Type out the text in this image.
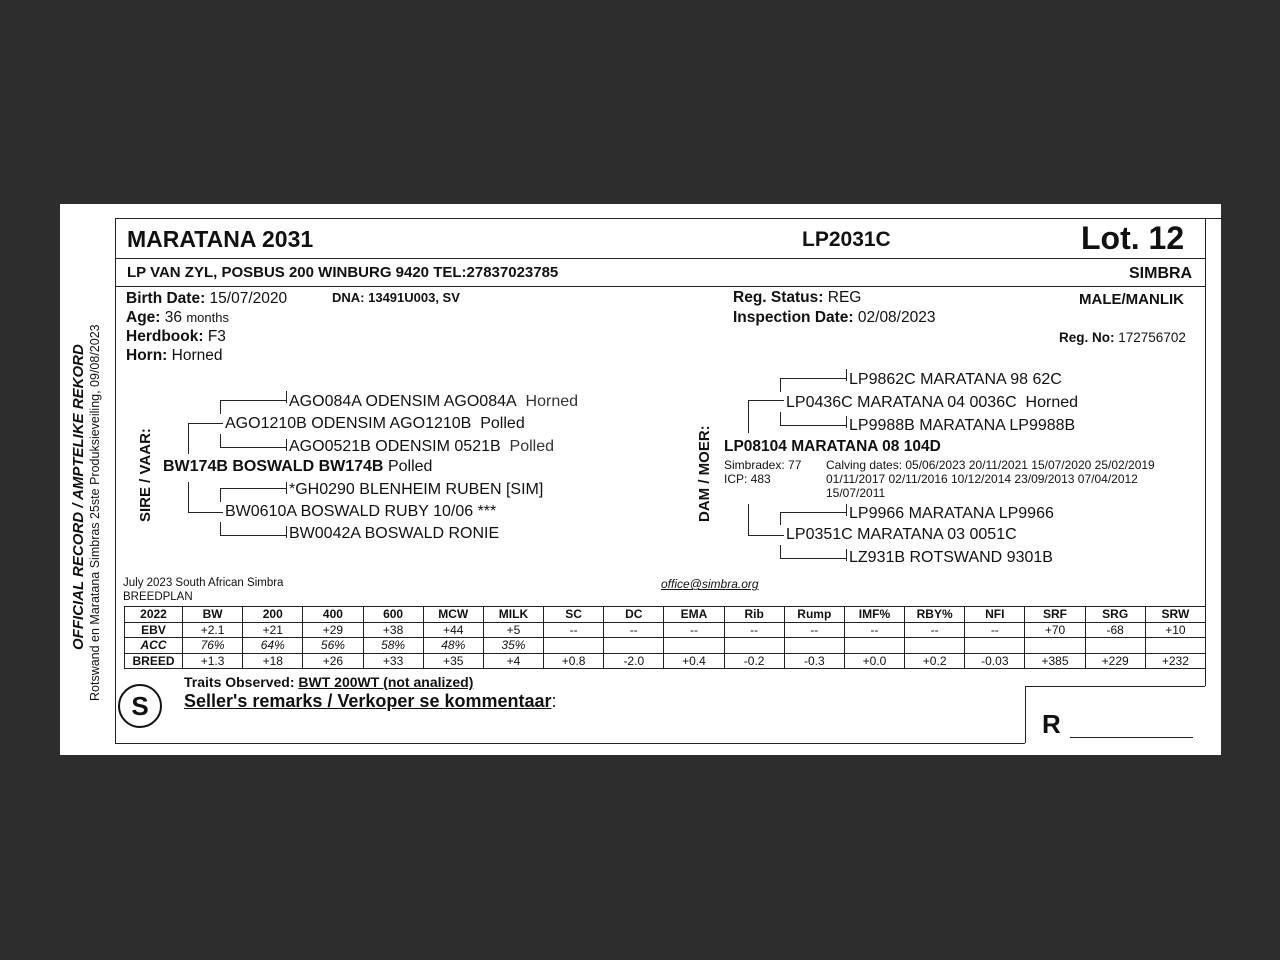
OFFICIAL RECORD / AMPTELIKE REKORD Rotswand en Maratana Simbras 25ste Produksieveiling, 09/08/2023
MARATANA 2031	LP2031C	Lot. 12
LP VAN ZYL, POSBUS 200 WINBURG 9420 TEL:27837023785	SIMBRA
Birth Date: 15/07/2020	DNA: 13491U003, SV
Age: 36 months
Herdbook: F3
Horn: Horned
Reg. Status: REG
Inspection Date: 02/08/2023
MALE/MANLIK
Reg. No: 172756702
SIRE / VAAR: BW174B BOSWALD BW174B Polled
AGO1210B ODENSIM AGO1210B Polled
AGO084A ODENSIM AGO084A Horned
AGO0521B ODENSIM 0521B Polled
BW0610A BOSWALD RUBY 10/06 ***
*GH0290 BLENHEIM RUBEN [SIM]
BW0042A BOSWALD RONIE
DAM / MOER: LP08104 MARATANA 08 104D
Simbradex: 77
ICP: 483
Calving dates: 05/06/2023 20/11/2021 15/07/2020 25/02/2019
01/11/2017 02/11/2016 10/12/2014 23/09/2013 07/04/2012
15/07/2011
LP0436C MARATANA 04 0036C Horned
LP9862C MARATANA 98 62C
LP9988B MARATANA LP9988B
LP0351C MARATANA 03 0051C
LP9966 MARATANA LP9966
LZ931B ROTSWAND 9301B
July 2023 South African Simbra
BREEDPLAN
office@simbra.org
2022	BW	200	400	600	MCW	MILK	SC	DC	EMA	Rib	Rump	IMF%	RBY%	NFI	SRF	SRG	SRW
EBV	+2.1	+21	+29	+38	+44	+5	--	--	--	--	--	--	--	--	+70	-68	+10
ACC	76%	64%	56%	58%	48%	35%											
BREED	+1.3	+18	+26	+33	+35	+4	+0.8	-2.0	+0.4	-0.2	-0.3	+0.0	+0.2	-0.03	+385	+229	+232
S
Traits Observed: BWT 200WT (not analized)
Seller's remarks / Verkoper se kommentaar:
R
